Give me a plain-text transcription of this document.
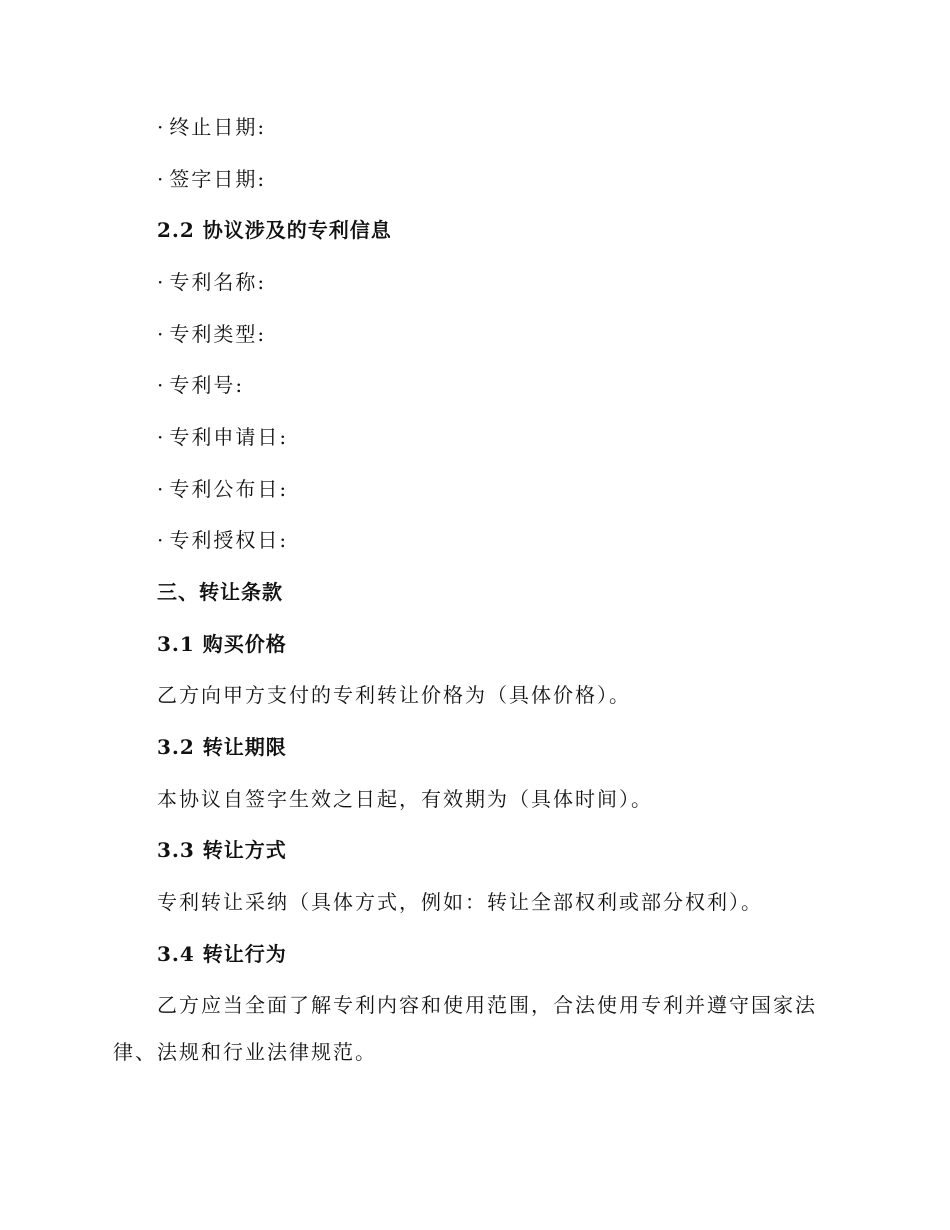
· 终止日期:
· 签字日期:
2.2 协议涉及的专利信息
· 专利名称:
· 专利类型:
· 专利号:
· 专利申请日:
· 专利公布日:
· 专利授权日:
三、转让条款
3.1 购买价格
乙方向甲方支付的专利转让价格为（具体价格）。
3.2 转让期限
本协议自签字生效之日起，有效期为（具体时间）。
3.3 转让方式
专利转让采纳（具体方式，例如：转让全部权利或部分权利）。
3.4 转让行为
乙方应当全面了解专利内容和使用范围，合法使用专利并遵守国家法
律、法规和行业法律规范。
